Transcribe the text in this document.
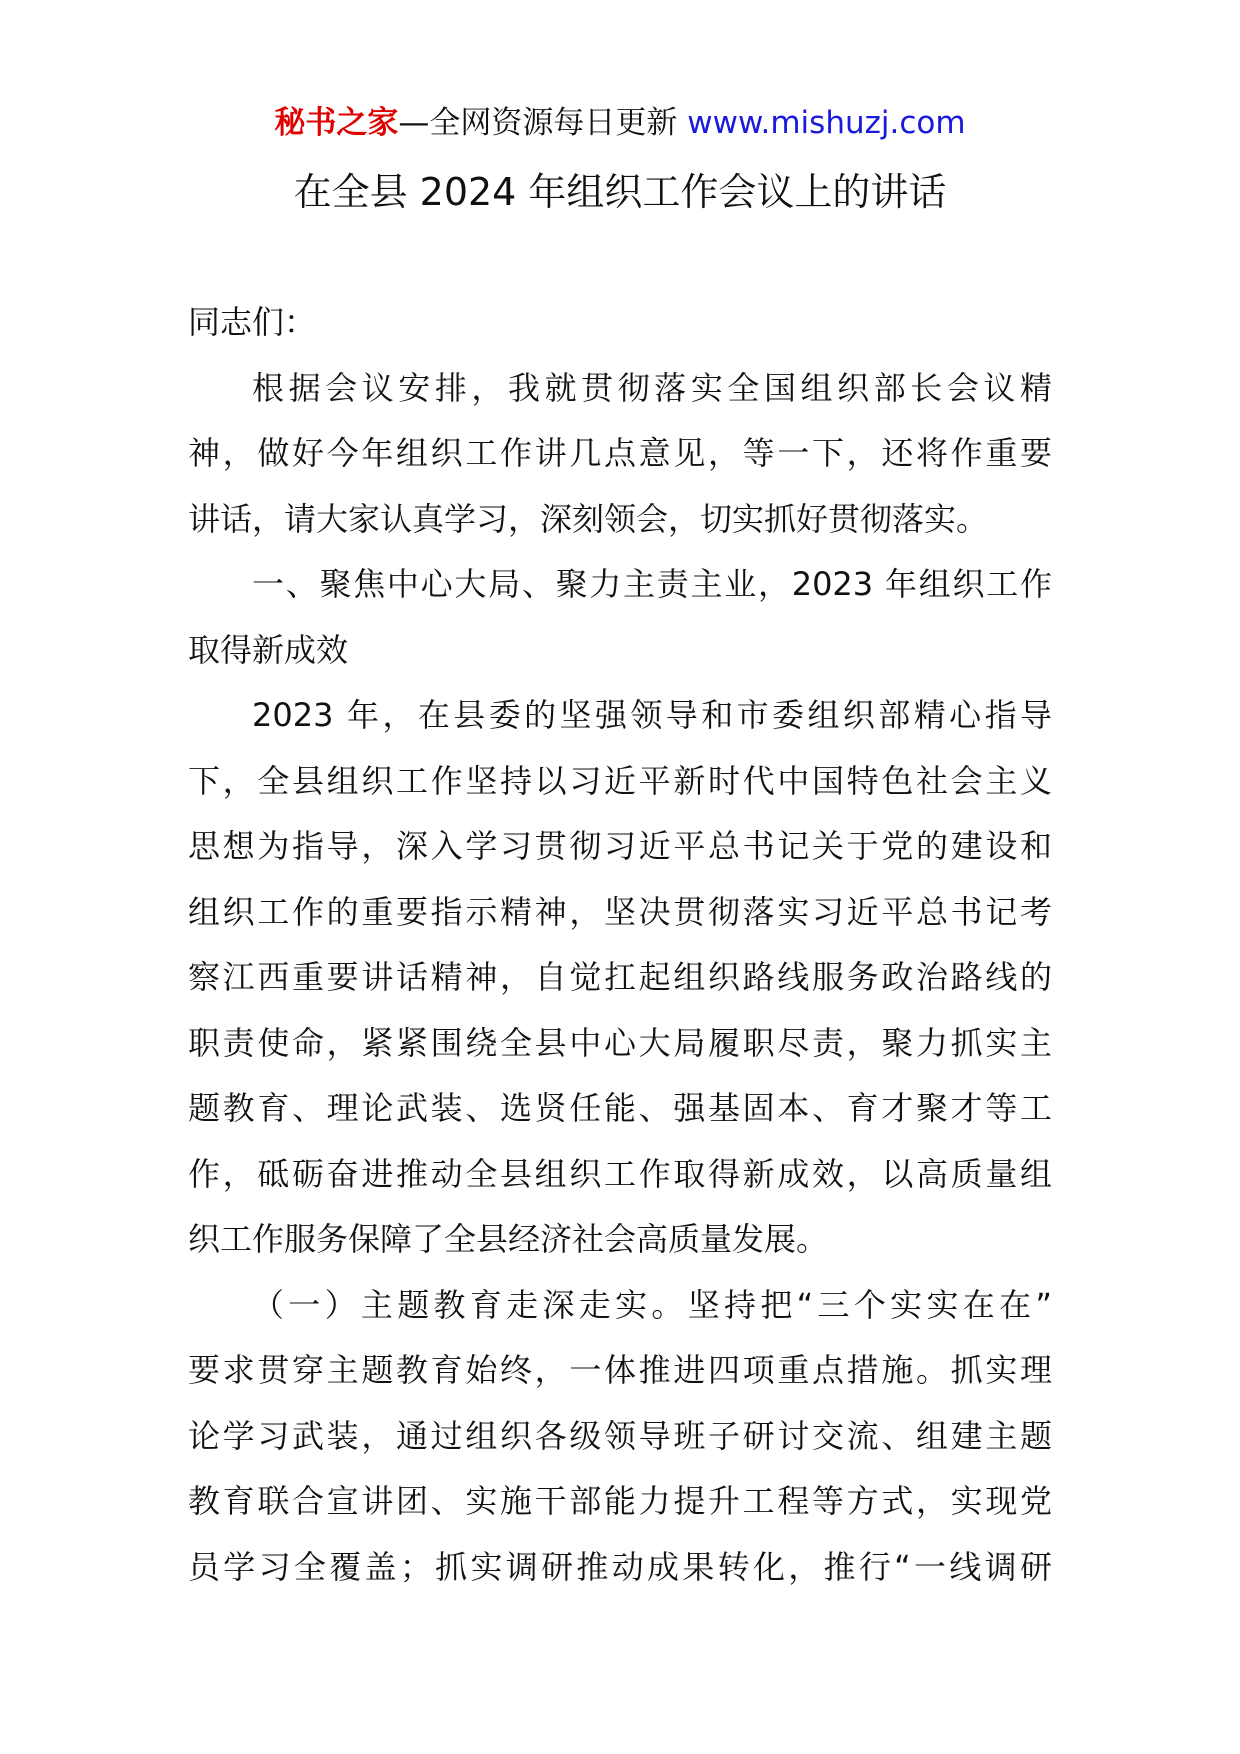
秘书之家—全网资源每日更新 www.mishuzj.com
在全县 2024 年组织工作会议上的讲话
同志们：
根据会议安排，我就贯彻落实全国组织部长会议精
神，做好今年组织工作讲几点意见，等一下，还将作重要
讲话，请大家认真学习，深刻领会，切实抓好贯彻落实。
一、聚焦中心大局、聚力主责主业，2023 年组织工作
取得新成效
2023 年，在县委的坚强领导和市委组织部精心指导
下，全县组织工作坚持以习近平新时代中国特色社会主义
思想为指导，深入学习贯彻习近平总书记关于党的建设和
组织工作的重要指示精神，坚决贯彻落实习近平总书记考
察江西重要讲话精神，自觉扛起组织路线服务政治路线的
职责使命，紧紧围绕全县中心大局履职尽责，聚力抓实主
题教育、理论武装、选贤任能、强基固本、育才聚才等工
作，砥砺奋进推动全县组织工作取得新成效，以高质量组
织工作服务保障了全县经济社会高质量发展。
（一）主题教育走深走实。坚持把“三个实实在在”
要求贯穿主题教育始终，一体推进四项重点措施。抓实理
论学习武装，通过组织各级领导班子研讨交流、组建主题
教育联合宣讲团、实施干部能力提升工程等方式，实现党
员学习全覆盖；抓实调研推动成果转化，推行“一线调研
